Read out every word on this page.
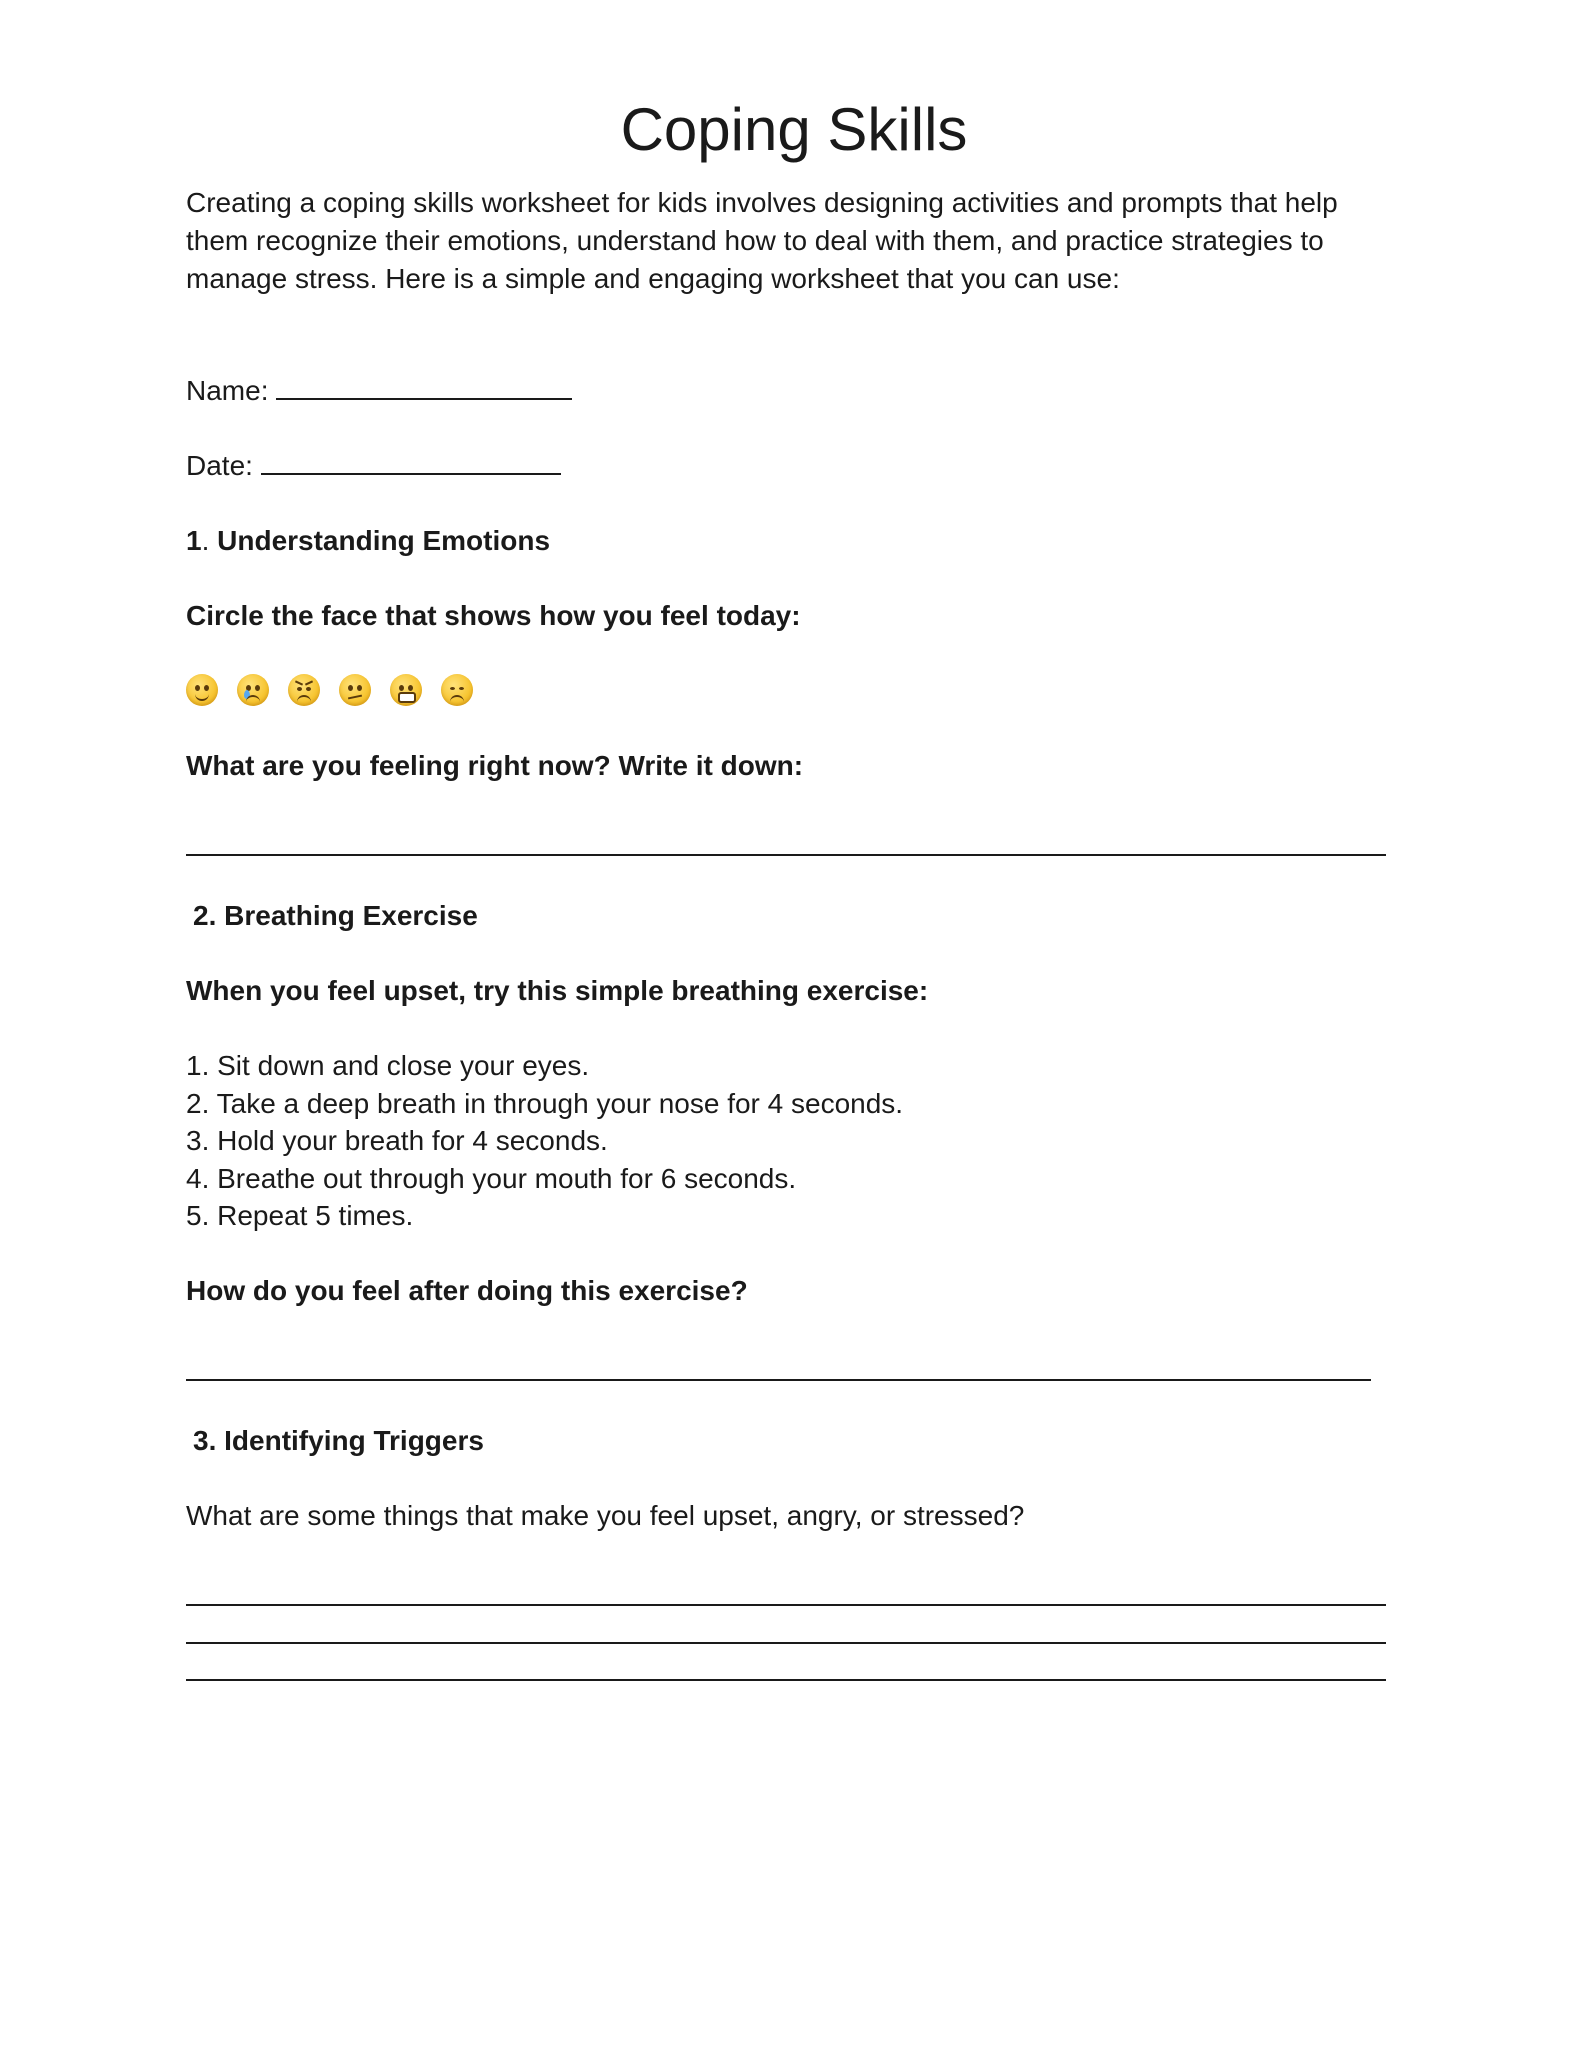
Coping Skills

Creating a coping skills worksheet for kids involves designing activities and prompts that help them recognize their emotions, understand how to deal with them, and practice strategies to manage stress. Here is a simple and engaging worksheet that you can use:

Name:
Date:
1. Understanding Emotions
Circle the face that shows how you feel today:
What are you feeling right now? Write it down:
2. Breathing Exercise
When you feel upset, try this simple breathing exercise:
1. Sit down and close your eyes.
2. Take a deep breath in through your nose for 4 seconds.
3. Hold your breath for 4 seconds.
4. Breathe out through your mouth for 6 seconds.
5. Repeat 5 times.
How do you feel after doing this exercise?
3. Identifying Triggers
What are some things that make you feel upset, angry, or stressed?
